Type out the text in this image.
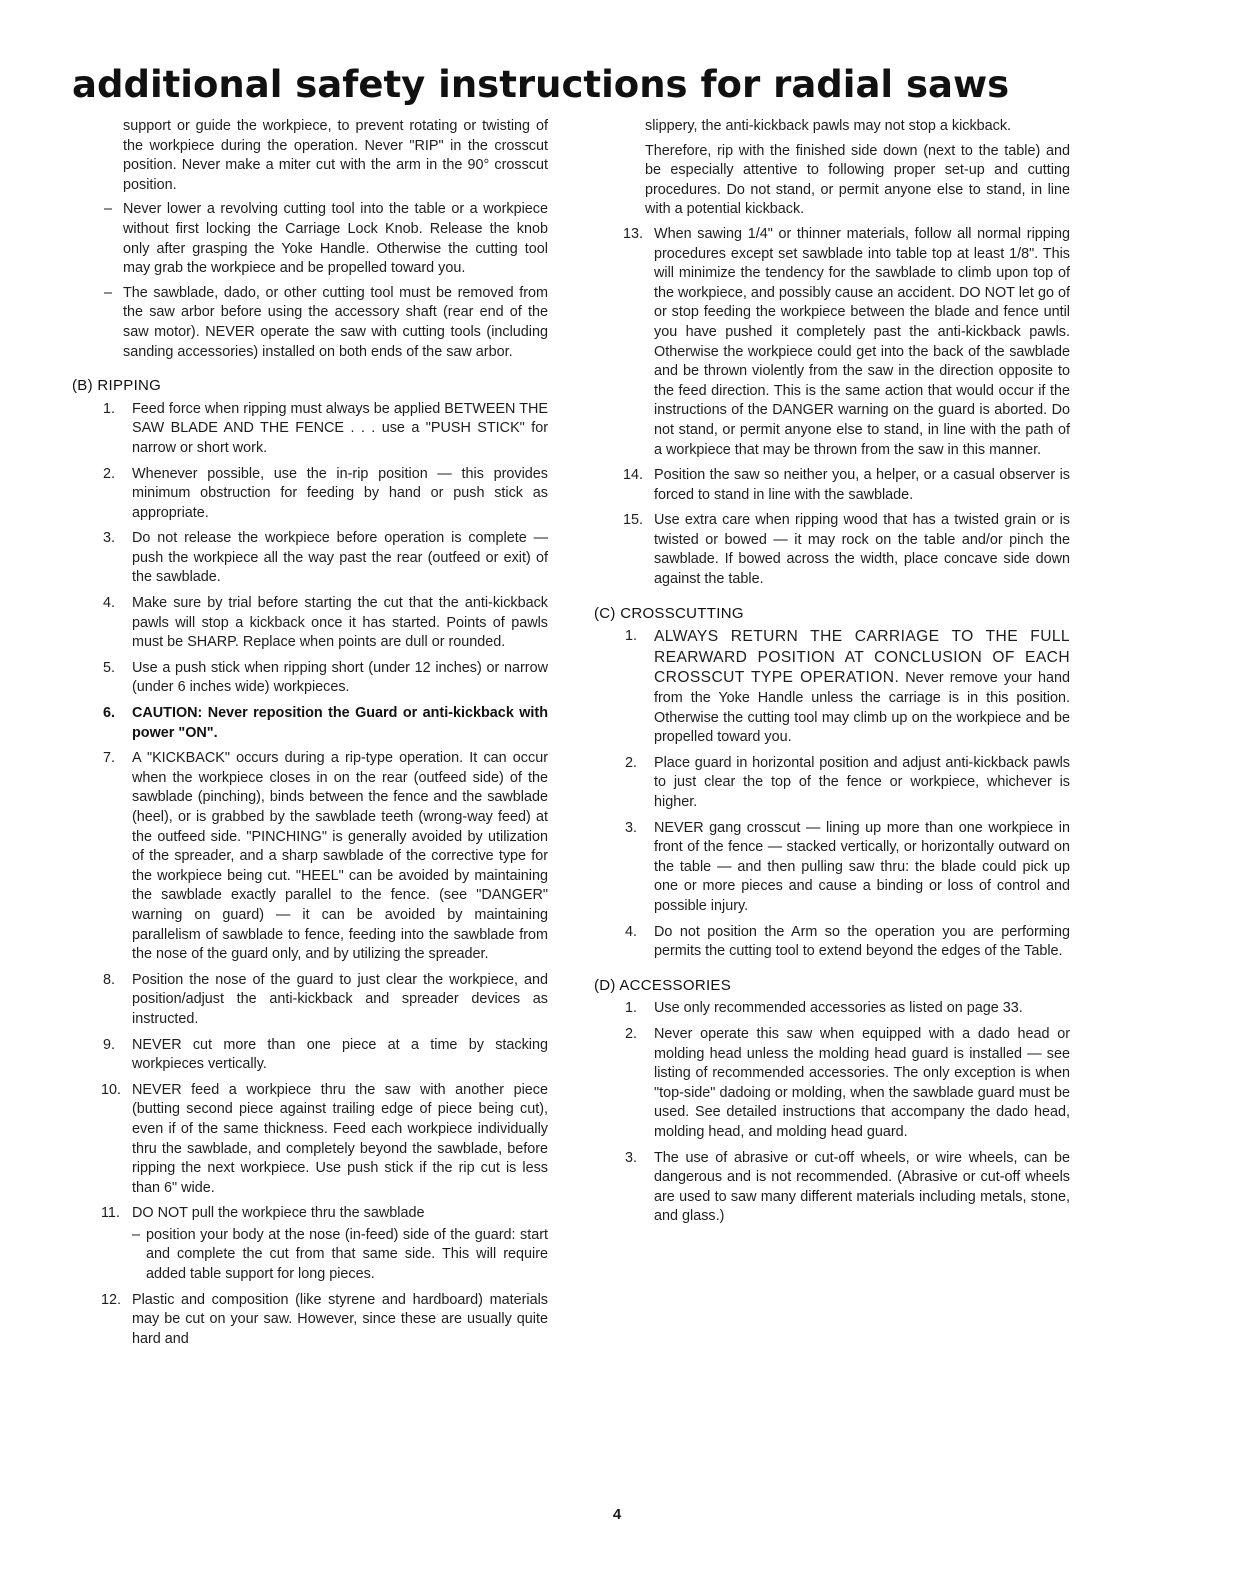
additional safety instructions for radial saws

support or guide the workpiece, to prevent rotating or twisting of the workpiece during the operation. Never "RIP" in the crosscut position. Never make a miter cut with the arm in the 90° crosscut position.

– Never lower a revolving cutting tool into the table or a workpiece without first locking the Carriage Lock Knob. Release the knob only after grasping the Yoke Handle. Otherwise the cutting tool may grab the workpiece and be propelled toward you.
– The sawblade, dado, or other cutting tool must be removed from the saw arbor before using the accessory shaft (rear end of the saw motor). NEVER operate the saw with cutting tools (including sanding accessories) installed on both ends of the saw arbor.
(B) RIPPING
1.	Feed force when ripping must always be applied BETWEEN THE SAW BLADE AND THE FENCE . . . use a "PUSH STICK" for narrow or short work.
2.	Whenever possible, use the in-rip position — this provides minimum obstruction for feeding by hand or push stick as appropriate.
3.	Do not release the workpiece before operation is complete — push the workpiece all the way past the rear (outfeed or exit) of the sawblade.
4.	Make sure by trial before starting the cut that the anti-kickback pawls will stop a kickback once it has started. Points of pawls must be SHARP. Replace when points are dull or rounded.
5.	Use a push stick when ripping short (under 12 inches) or narrow (under 6 inches wide) workpieces.
6.	CAUTION: Never reposition the Guard or anti-kickback with power "ON".
7.	A "KICKBACK" occurs during a rip-type operation. It can occur when the workpiece closes in on the rear (outfeed side) of the sawblade (pinching), binds between the fence and the sawblade (heel), or is grabbed by the sawblade teeth (wrong-way feed) at the outfeed side. "PINCHING" is generally avoided by utilization of the spreader, and a sharp sawblade of the corrective type for the workpiece being cut. "HEEL" can be avoided by maintaining the sawblade exactly parallel to the fence. (see "DANGER" warning on guard) — it can be avoided by maintaining parallelism of sawblade to fence, feeding into the sawblade from the nose of the guard only, and by utilizing the spreader.
8.	Position the nose of the guard to just clear the workpiece, and position/adjust the anti-kickback and spreader devices as instructed.
9.	NEVER cut more than one piece at a time by stacking workpieces vertically.
10. NEVER feed a workpiece thru the saw with another piece (butting second piece against trailing edge of piece being cut), even if of the same thickness. Feed each workpiece individually thru the sawblade, and completely beyond the sawblade, before ripping the next workpiece. Use push stick if the rip cut is less than 6" wide.
11. DO NOT pull the workpiece thru the sawblade
– position your body at the nose (in-feed) side of the guard: start and complete the cut from that same side. This will require added table support for long pieces.
12. Plastic and composition (like styrene and hardboard) materials may be cut on your saw. However, since these are usually quite hard and

slippery, the anti-kickback pawls may not stop a kickback.

Therefore, rip with the finished side down (next to the table) and be especially attentive to following proper set-up and cutting procedures. Do not stand, or permit anyone else to stand, in line with a potential kickback.

13. When sawing 1/4" or thinner materials, follow all normal ripping procedures except set sawblade into table top at least 1/8". This will minimize the tendency for the sawblade to climb upon top of the workpiece, and possibly cause an accident. DO NOT let go of or stop feeding the workpiece between the blade and fence until you have pushed it completely past the anti-kickback pawls. Otherwise the workpiece could get into the back of the sawblade and be thrown violently from the saw in the direction opposite to the feed direction. This is the same action that would occur if the instructions of the DANGER warning on the guard is aborted. Do not stand, or permit anyone else to stand, in line with the path of a workpiece that may be thrown from the saw in this manner.
14. Position the saw so neither you, a helper, or a casual observer is forced to stand in line with the sawblade.
15. Use extra care when ripping wood that has a twisted grain or is twisted or bowed — it may rock on the table and/or pinch the sawblade. If bowed across the width, place concave side down against the table.
(C) CROSSCUTTING
1.	ALWAYS RETURN THE CARRIAGE TO THE FULL REARWARD POSITION AT CONCLUSION OF EACH CROSSCUT TYPE OPERATION. Never remove your hand from the Yoke Handle unless the carriage is in this position. Otherwise the cutting tool may climb up on the workpiece and be propelled toward you.
2.	Place guard in horizontal position and adjust anti-kickback pawls to just clear the top of the fence or workpiece, whichever is higher.
3.	NEVER gang crosscut — lining up more than one workpiece in front of the fence — stacked vertically, or horizontally outward on the table — and then pulling saw thru: the blade could pick up one or more pieces and cause a binding or loss of control and possible injury.
4.	Do not position the Arm so the operation you are performing permits the cutting tool to extend beyond the edges of the Table.
(D) ACCESSORIES
1.	Use only recommended accessories as listed on page 33.
2.	Never operate this saw when equipped with a dado head or molding head unless the molding head guard is installed — see listing of recommended accessories. The only exception is when "top-side" dadoing or molding, when the sawblade guard must be used. See detailed instructions that accompany the dado head, molding head, and molding head guard.
3.	The use of abrasive or cut-off wheels, or wire wheels, can be dangerous and is not recommended. (Abrasive or cut-off wheels are used to saw many different materials including metals, stone, and glass.)
4
